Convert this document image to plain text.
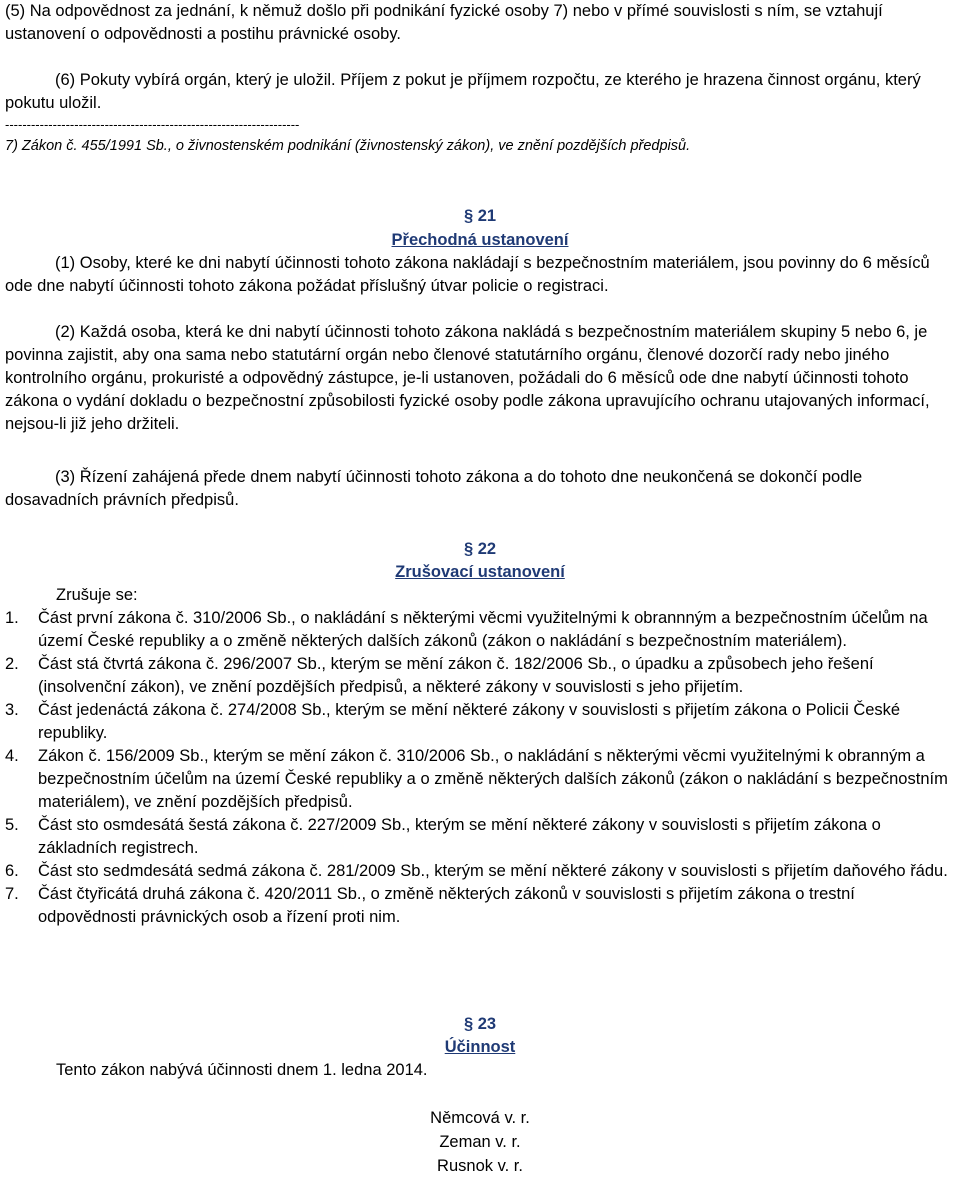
(5) Na odpovědnost za jednání, k němuž došlo při podnikání fyzické osoby 7) nebo v přímé souvislosti s ním, se vztahují ustanovení o odpovědnosti a postihu právnické osoby.

(6) Pokuty vybírá orgán, který je uložil. Příjem z pokut je příjmem rozpočtu, ze kterého je hrazena činnost orgánu, který pokutu uložil.

--------------------------------------------------------------------

7) Zákon č. 455/1991 Sb., o živnostenském podnikání (živnostenský zákon), ve znění pozdějších předpisů.

§ 21
Přechodná ustanovení

(1) Osoby, které ke dni nabytí účinnosti tohoto zákona nakládají s bezpečnostním materiálem, jsou povinny do 6 měsíců ode dne nabytí účinnosti tohoto zákona požádat příslušný útvar policie o registraci.

(2) Každá osoba, která ke dni nabytí účinnosti tohoto zákona nakládá s bezpečnostním materiálem skupiny 5 nebo 6, je povinna zajistit, aby ona sama nebo statutární orgán nebo členové statutárního orgánu, členové dozorčí rady nebo jiného kontrolního orgánu, prokuristé a odpovědný zástupce, je-li ustanoven, požádali do 6 měsíců ode dne nabytí účinnosti tohoto zákona o vydání dokladu o bezpečnostní způsobilosti fyzické osoby podle zákona upravujícího ochranu utajovaných informací, nejsou-li již jeho držiteli.

(3) Řízení zahájená přede dnem nabytí účinnosti tohoto zákona a do tohoto dne neukončená se dokončí podle dosavadních právních předpisů.

§ 22
Zrušovací ustanovení

Zrušuje se:

1. Část první zákona č. 310/2006 Sb., o nakládání s některými věcmi využitelnými k obrannným a bezpečnostním účelům na území České republiky a o změně některých dalších zákonů (zákon o nakládání s bezpečnostním materiálem).
2. Část stá čtvrtá zákona č. 296/2007 Sb., kterým se mění zákon č. 182/2006 Sb., o úpadku a způsobech jeho řešení (insolvenční zákon), ve znění pozdějších předpisů, a některé zákony v souvislosti s jeho přijetím.
3. Část jedenáctá zákona č. 274/2008 Sb., kterým se mění některé zákony v souvislosti s přijetím zákona o Policii České republiky.
4. Zákon č. 156/2009 Sb., kterým se mění zákon č. 310/2006 Sb., o nakládání s některými věcmi využitelnými k obranným a bezpečnostním účelům na území České republiky a o změně některých dalších zákonů (zákon o nakládání s bezpečnostním materiálem), ve znění pozdějších předpisů.
5. Část sto osmdesátá šestá zákona č. 227/2009 Sb., kterým se mění některé zákony v souvislosti s přijetím zákona o základních registrech.
6. Část sto sedmdesátá sedmá zákona č. 281/2009 Sb., kterým se mění některé zákony v souvislosti s přijetím daňového řádu.
7. Část čtyřicátá druhá zákona č. 420/2011 Sb., o změně některých zákonů v souvislosti s přijetím zákona o trestní odpovědnosti právnických osob a řízení proti nim.
§ 23
Účinnost

Tento zákon nabývá účinnosti dnem 1. ledna 2014.

Němcová v. r.
Zeman v. r.
Rusnok v. r.
